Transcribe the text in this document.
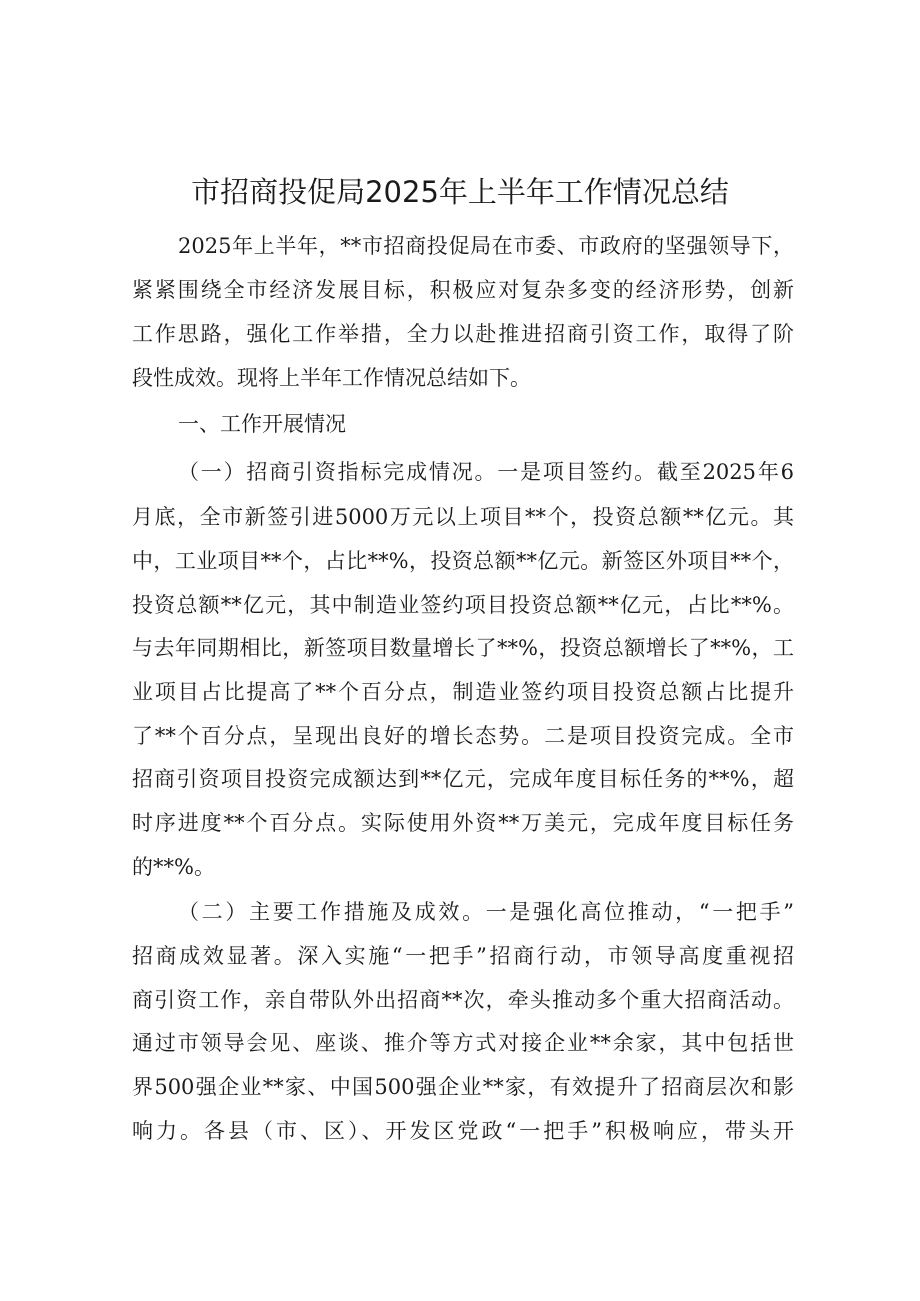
市招商投促局2025年上半年工作情况总结
2025年上半年，**市招商投促局在市委、市政府的坚强领导下，
紧紧围绕全市经济发展目标，积极应对复杂多变的经济形势，创新
工作思路，强化工作举措，全力以赴推进招商引资工作，取得了阶
段性成效。现将上半年工作情况总结如下。
一、工作开展情况
（一）招商引资指标完成情况。一是项目签约。截至2025年6
月底，全市新签引进5000万元以上项目**个，投资总额**亿元。其
中，工业项目**个，占比**%，投资总额**亿元。新签区外项目**个，
投资总额**亿元，其中制造业签约项目投资总额**亿元，占比**%。
与去年同期相比，新签项目数量增长了**%，投资总额增长了**%，工
业项目占比提高了**个百分点，制造业签约项目投资总额占比提升
了**个百分点，呈现出良好的增长态势。二是项目投资完成。全市
招商引资项目投资完成额达到**亿元，完成年度目标任务的**%，超
时序进度**个百分点。实际使用外资**万美元，完成年度目标任务
的**%。
（二）主要工作措施及成效。一是强化高位推动，“一把手”
招商成效显著。深入实施“一把手”招商行动，市领导高度重视招
商引资工作，亲自带队外出招商**次，牵头推动多个重大招商活动。
通过市领导会见、座谈、推介等方式对接企业**余家，其中包括世
界500强企业**家、中国500强企业**家，有效提升了招商层次和影
响力。各县（市、区）、开发区党政“一把手”积极响应，带头开
